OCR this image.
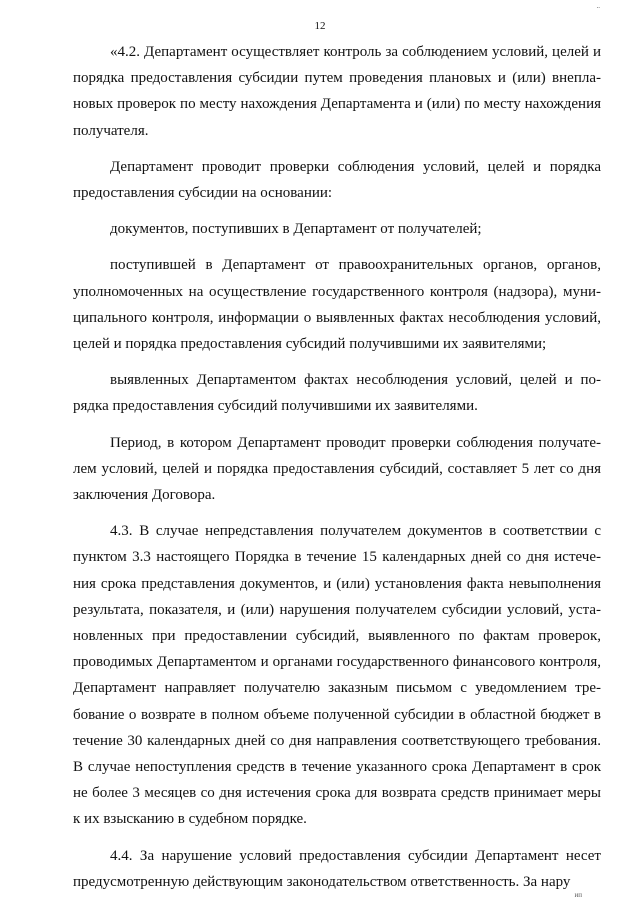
..
12

«4.2. Департамент осуществляет контроль за соблюдением условий, целей и порядка предоставления субсидии путем проведения плановых и (или) внеплановых проверок по месту нахождения Департамента и (или) по месту нахождения получателя.

Департамент проводит проверки соблюдения условий, целей и порядка предоставления субсидии на основании:

документов, поступивших в Департамент от получателей;

поступившей в Департамент от правоохранительных органов, органов, уполномоченных на осуществление государственного контроля (надзора), муниципального контроля, информации о выявленных фактах несоблюдения условий, целей и порядка предоставления субсидий получившими их заявителями;

выявленных Департаментом фактах несоблюдения условий, целей и порядка предоставления субсидий получившими их заявителями.

Период, в котором Департамент проводит проверки соблюдения получателем условий, целей и порядка предоставления субсидий, составляет 5 лет со дня заключения Договора.

4.3. В случае непредставления получателем документов в соответствии с пунктом 3.3 настоящего Порядка в течение 15 календарных дней со дня истечения срока представления документов, и (или) установления факта невыполнения результата, показателя, и (или) нарушения получателем субсидии условий, установленных при предоставлении субсидий, выявленного по фактам проверок, проводимых Департаментом и органами государственного финансового контроля, Департамент направляет получателю заказным письмом с уведомлением требование о возврате в полном объеме полученной субсидии в областной бюджет в течение 30 календарных дней со дня направления соответствующего требования. В случае непоступления средств в течение указанного срока Департамент в срок не более 3 месяцев со дня истечения срока для возврата средств принимает меры к их взысканию в судебном порядке.

4.4. За нарушение условий предоставления субсидии Департамент несет предусмотренную действующим законодательством ответственность. За нару

ип
